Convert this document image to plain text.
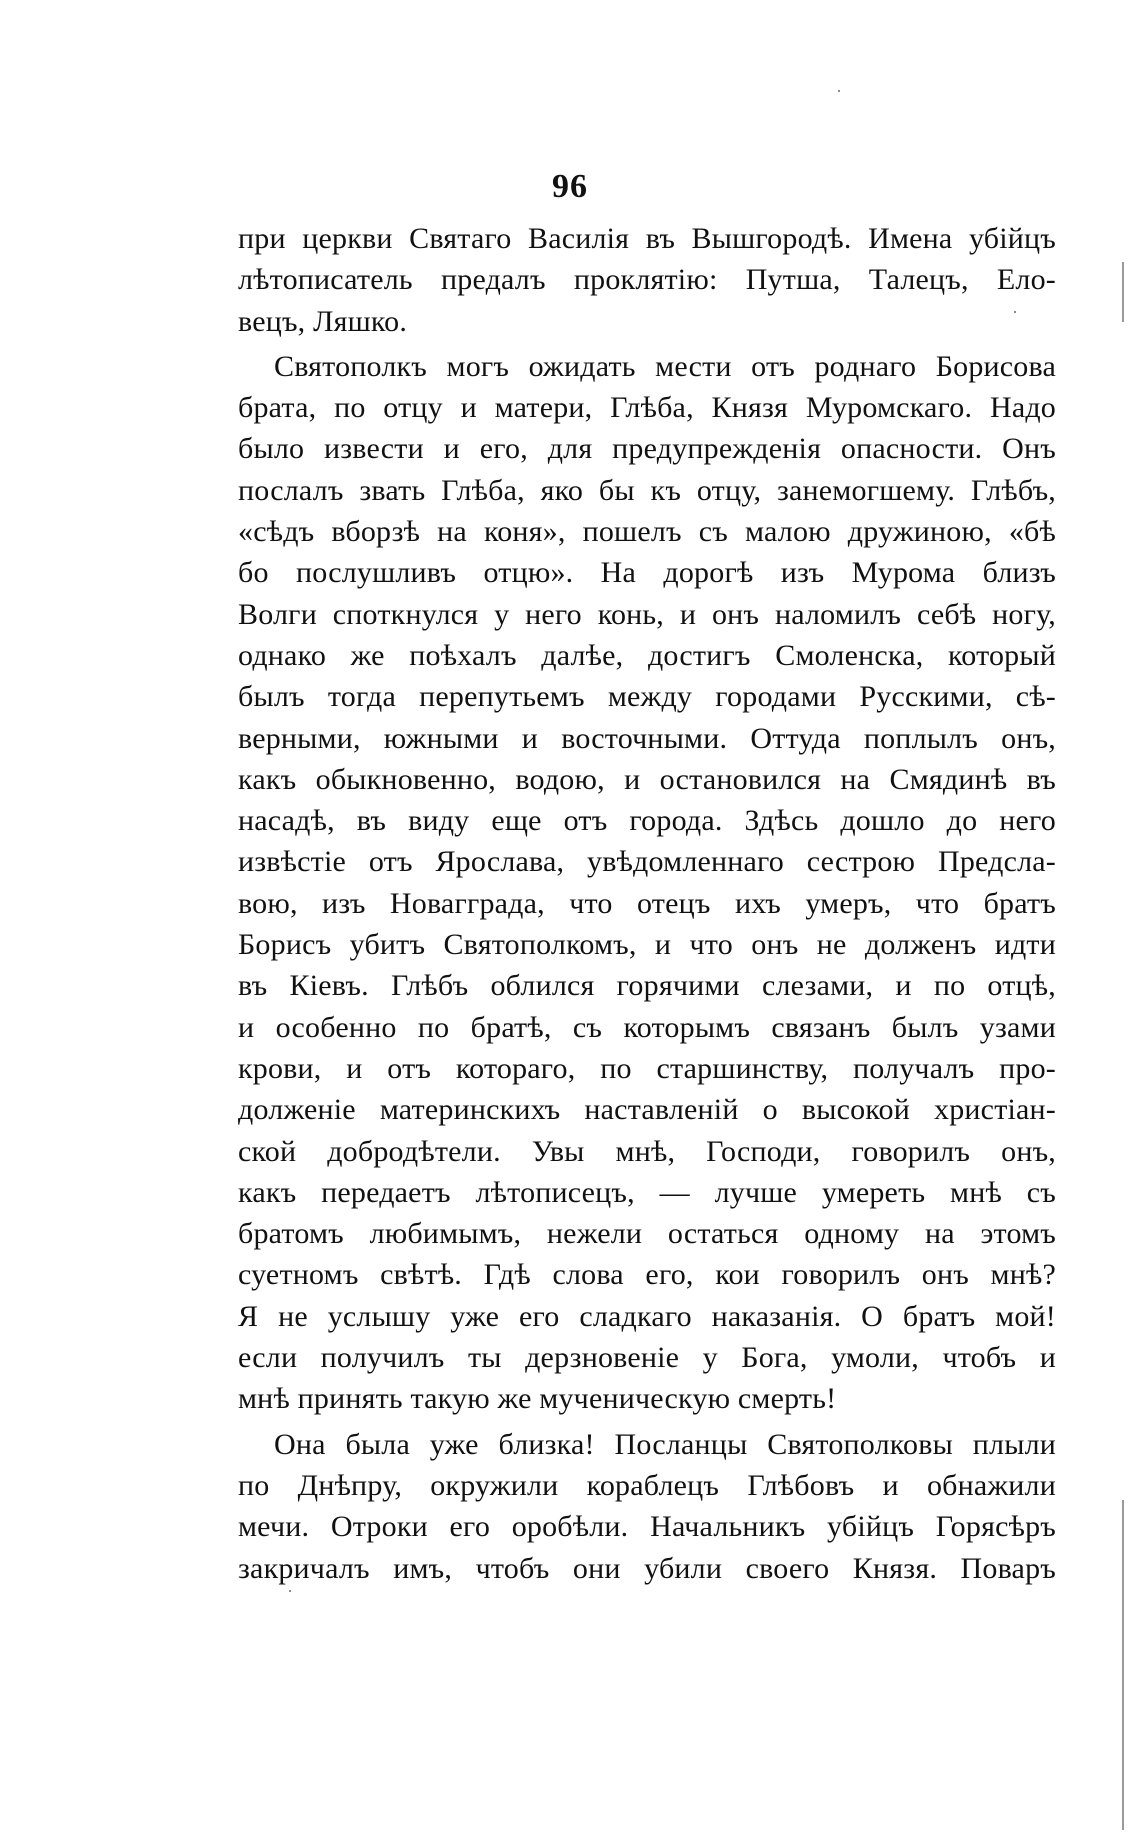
96
при церкви Святаго Василія въ Вышгородѣ. Имена убійцъ
лѣтописатель предалъ проклятію: Путша, Талецъ, Ело-
вецъ, Ляшко.
Святополкъ могъ ожидать мести отъ роднаго Борисова
брата, по отцу и матери, Глѣба, Князя Муромскаго. Надо
было извести и его, для предупрежденія опасности. Онъ
послалъ звать Глѣба, яко бы къ отцу, занемогшему. Глѣбъ,
«сѣдъ вборзѣ на коня», пошелъ съ малою дружиною, «бѣ
бо послушливъ отцю». На дорогѣ изъ Мурома близъ
Волги споткнулся у него конь, и онъ наломилъ себѣ ногу,
однако же поѣхалъ далѣе, достигъ Смоленска, который
былъ тогда перепутьемъ между городами Русскими, сѣ-
верными, южными и восточными. Оттуда поплылъ онъ,
какъ обыкновенно, водою, и остановился на Смядинѣ въ
насадѣ, въ виду еще отъ города. Здѣсь дошло до него
извѣстіе отъ Ярослава, увѣдомленнаго сестрою Предсла-
вою, изъ Новагграда, что отецъ ихъ умеръ, что братъ
Борисъ убитъ Святополкомъ, и что онъ не долженъ идти
въ Кіевъ. Глѣбъ облился горячими слезами, и по отцѣ,
и особенно по братѣ, съ которымъ связанъ былъ узами
крови, и отъ котораго, по старшинству, получалъ про-
долженіе материнскихъ наставленій о высокой христіан-
ской добродѣтели. Увы мнѣ, Господи, говорилъ онъ,
какъ передаетъ лѣтописецъ, — лучше умереть мнѣ съ
братомъ любимымъ, нежели остаться одному на этомъ
суетномъ свѣтѣ. Гдѣ слова его, кои говорилъ онъ мнѣ?
Я не услышу уже его сладкаго наказанія. О братъ мой!
если получилъ ты дерзновеніе у Бога, умоли, чтобъ и
мнѣ принять такую же мученическую смерть!
Она была уже близка! Посланцы Святополковы плыли
по Днѣпру, окружили кораблецъ Глѣбовъ и обнажили
мечи. Отроки его оробѣли. Начальникъ убійцъ Горясѣръ
закричалъ имъ, чтобъ они убили своего Князя. Поваръ
